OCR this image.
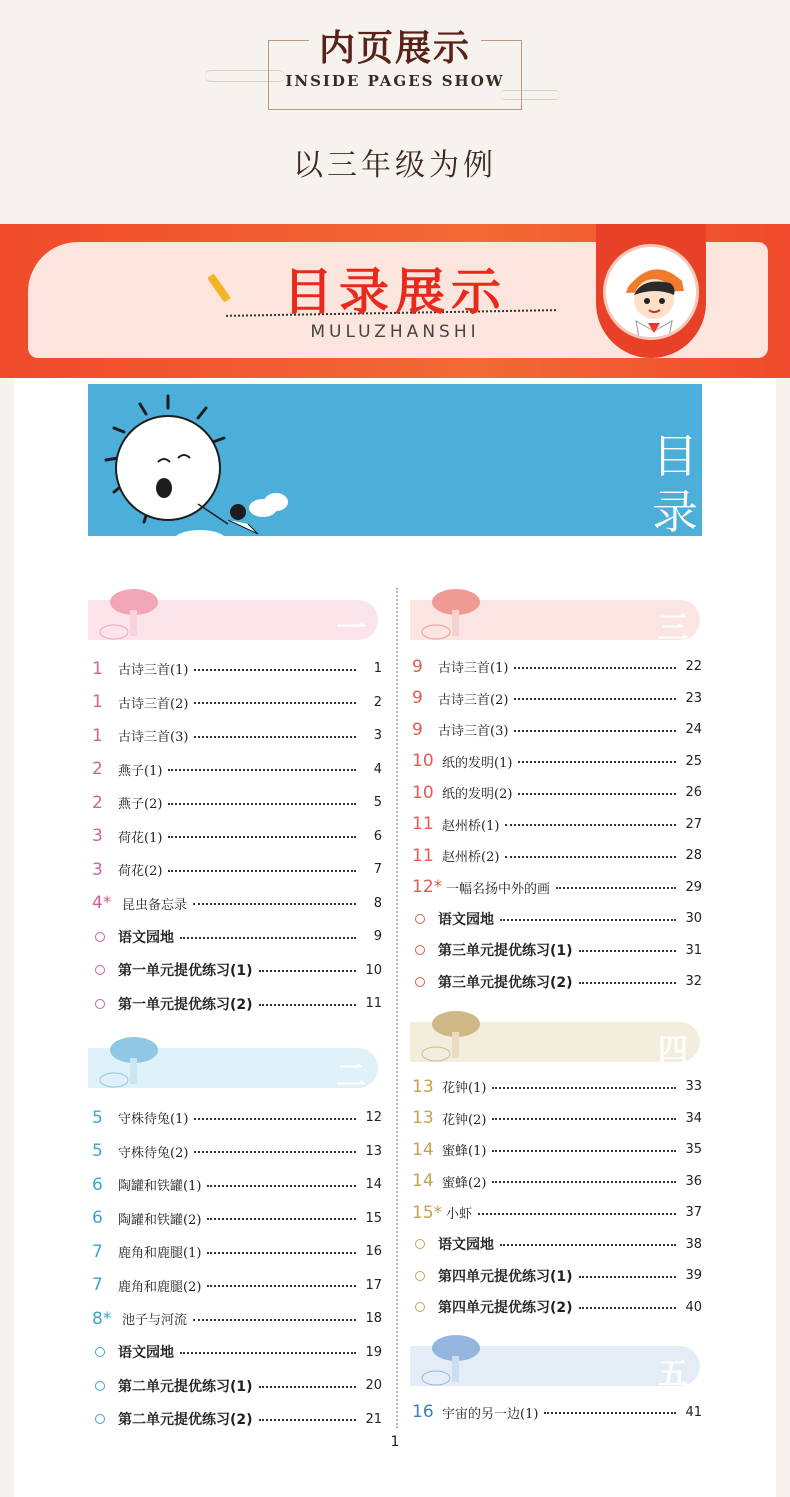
内页展示
INSIDE PAGES SHOW
以三年级为例
目录展示
MULUZHANSHI
目
录
一
1	古诗三首(1)	1
1	古诗三首(2)	2
1	古诗三首(3)	3
2	燕子(1)	4
2	燕子(2)	5
3	荷花(1)	6
3	荷花(2)	7
4* 昆虫备忘录	8
语文园地	9
第一单元提优练习(1)	10
第一单元提优练习(2)	11
二
5	守株待兔(1)	12
5	守株待兔(2)	13
6	陶罐和铁罐(1)	14
6	陶罐和铁罐(2)	15
7	鹿角和鹿腿(1)	16
7	鹿角和鹿腿(2)	17
8* 池子与河流	18
语文园地	19
第二单元提优练习(1)	20
第二单元提优练习(2)	21
三
9	古诗三首(1)	22
9	古诗三首(2)	23
9	古诗三首(3)	24
10 纸的发明(1)	25
10 纸的发明(2)	26
11 赵州桥(1)	27
11 赵州桥(2)	28
12* 一幅名扬中外的画	29
语文园地	30
第三单元提优练习(1)	31
第三单元提优练习(2)	32
四
13 花钟(1)	33
13 花钟(2)	34
14 蜜蜂(1)	35
14 蜜蜂(2)	36
15* 小虾	37
语文园地	38
第四单元提优练习(1)	39
第四单元提优练习(2)	40
五
16 宇宙的另一边(1)	41
1
